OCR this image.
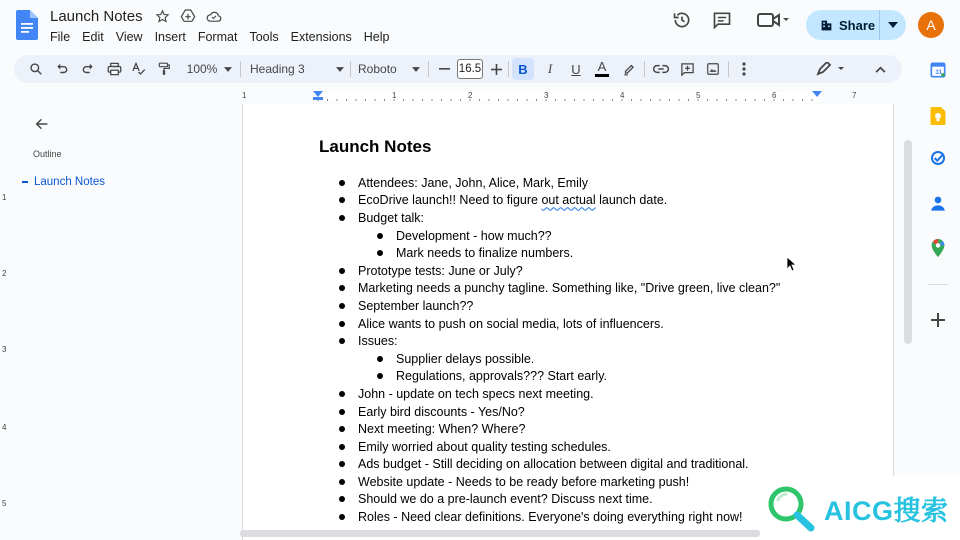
Launch Notes
File Edit View Insert Format Tools Extensions Help
Share	A
100%	Heading 3	Roboto	16.5	B	I	U	A
1	1	2	3	4	5	6	7
1
2
3
4
5
Outline
Launch Notes
Launch Notes
Attendees: Jane, John, Alice, Mark, Emily
EcoDrive launch!! Need to figure out actual launch date.
Budget talk:
Development - how much??
Mark needs to finalize numbers.
Prototype tests: June or July?
Marketing needs a punchy tagline. Something like, "Drive green, live clean?"
September launch??
Alice wants to push on social media, lots of influencers.
Issues:
Supplier delays possible.
Regulations, approvals??? Start early.
John - update on tech specs next meeting.
Early bird discounts - Yes/No?
Next meeting: When? Where?
Emily worried about quality testing schedules.
Ads budget - Still deciding on allocation between digital and traditional.
Website update - Needs to be ready before marketing push!
Should we do a pre-launch event? Discuss next time.
Roles - Need clear definitions. Everyone's doing everything right now!
31
AICG搜索
